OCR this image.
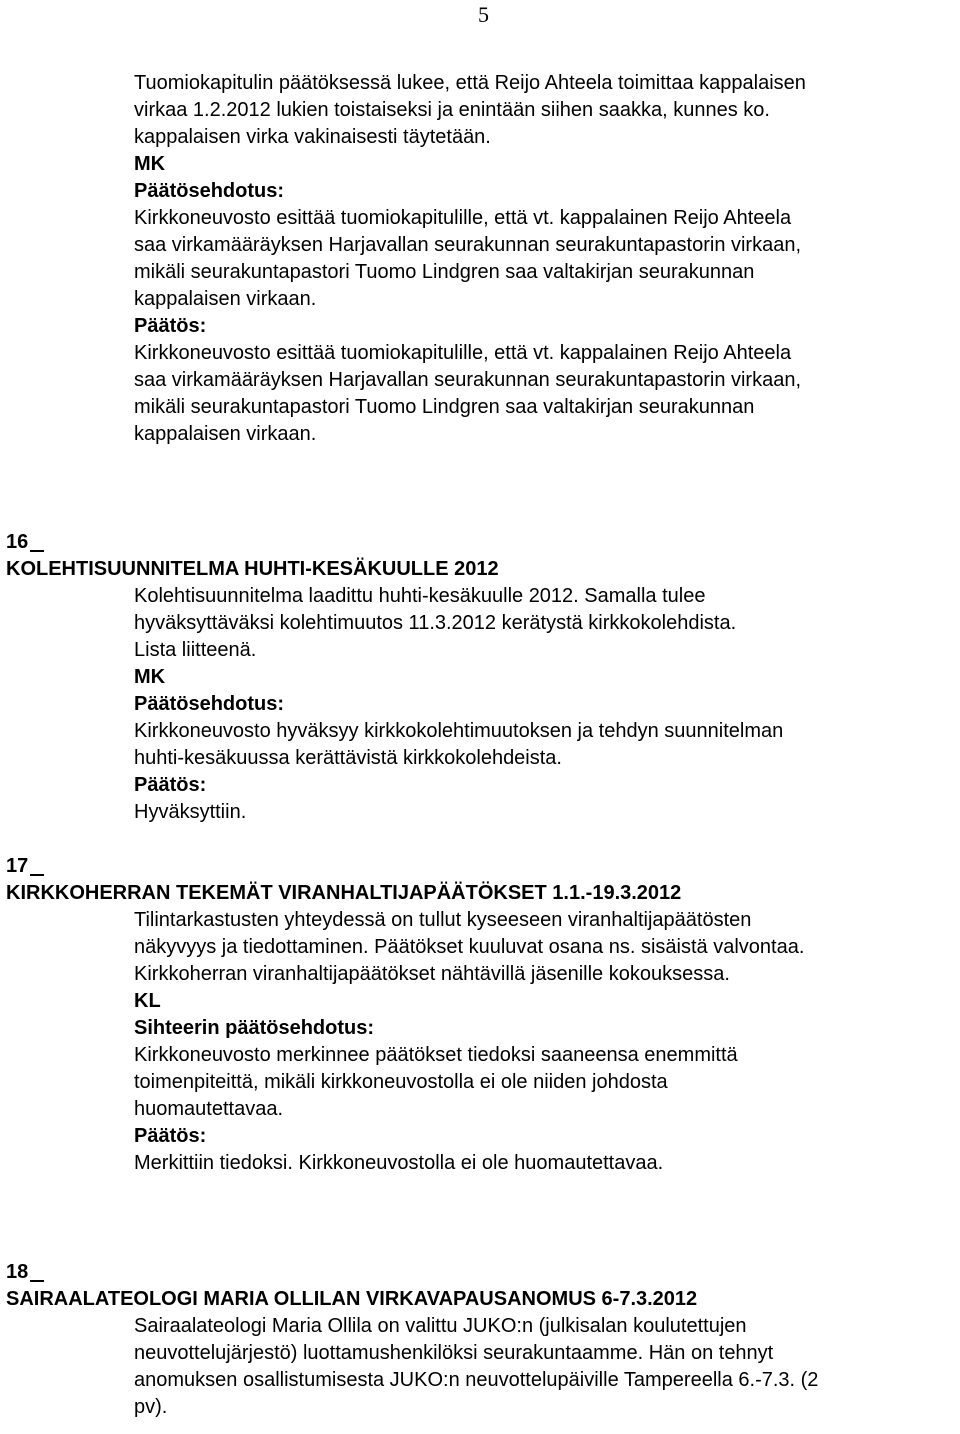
5
Tuomiokapitulin päätöksessä lukee, että Reijo Ahteela toimittaa kappalaisen
virkaa 1.2.2012 lukien toistaiseksi ja enintään siihen saakka, kunnes ko.
kappalaisen virka vakinaisesti täytetään.
MK
Päätösehdotus:
Kirkkoneuvosto esittää tuomiokapitulille, että vt. kappalainen Reijo Ahteela
saa virkamääräyksen Harjavallan seurakunnan seurakuntapastorin virkaan,
mikäli seurakuntapastori Tuomo Lindgren saa valtakirjan seurakunnan
kappalaisen virkaan.
Päätös:
Kirkkoneuvosto esittää tuomiokapitulille, että vt. kappalainen Reijo Ahteela
saa virkamääräyksen Harjavallan seurakunnan seurakuntapastorin virkaan,
mikäli seurakuntapastori Tuomo Lindgren saa valtakirjan seurakunnan
kappalaisen virkaan.
16
KOLEHTISUUNNITELMA HUHTI-KESÄKUULLE 2012
Kolehtisuunnitelma laadittu huhti-kesäkuulle 2012. Samalla tulee
hyväksyttäväksi kolehtimuutos 11.3.2012 kerätystä kirkkokolehdista.
Lista liitteenä.
MK
Päätösehdotus:
Kirkkoneuvosto hyväksyy kirkkokolehtimuutoksen ja tehdyn suunnitelman
huhti-kesäkuussa kerättävistä kirkkokolehdeista.
Päätös:
Hyväksyttiin.
17
KIRKKOHERRAN TEKEMÄT VIRANHALTIJAPÄÄTÖKSET 1.1.-19.3.2012
Tilintarkastusten yhteydessä on tullut kyseeseen viranhaltijapäätösten
näkyvyys ja tiedottaminen. Päätökset kuuluvat osana ns. sisäistä valvontaa.
Kirkkoherran viranhaltijapäätökset nähtävillä jäsenille kokouksessa.
KL
Sihteerin päätösehdotus:
Kirkkoneuvosto merkinnee päätökset tiedoksi saaneensa enemmittä
toimenpiteittä, mikäli kirkkoneuvostolla ei ole niiden johdosta
huomautettavaa.
Päätös:
Merkittiin tiedoksi. Kirkkoneuvostolla ei ole huomautettavaa.
18
SAIRAALATEOLOGI MARIA OLLILAN VIRKAVAPAUSANOMUS 6-7.3.2012
Sairaalateologi Maria Ollila on valittu JUKO:n (julkisalan koulutettujen
neuvottelujärjestö) luottamushenkilöksi seurakuntaamme. Hän on tehnyt
anomuksen osallistumisesta JUKO:n neuvottelupäiville Tampereella 6.-7.3. (2
pv).
